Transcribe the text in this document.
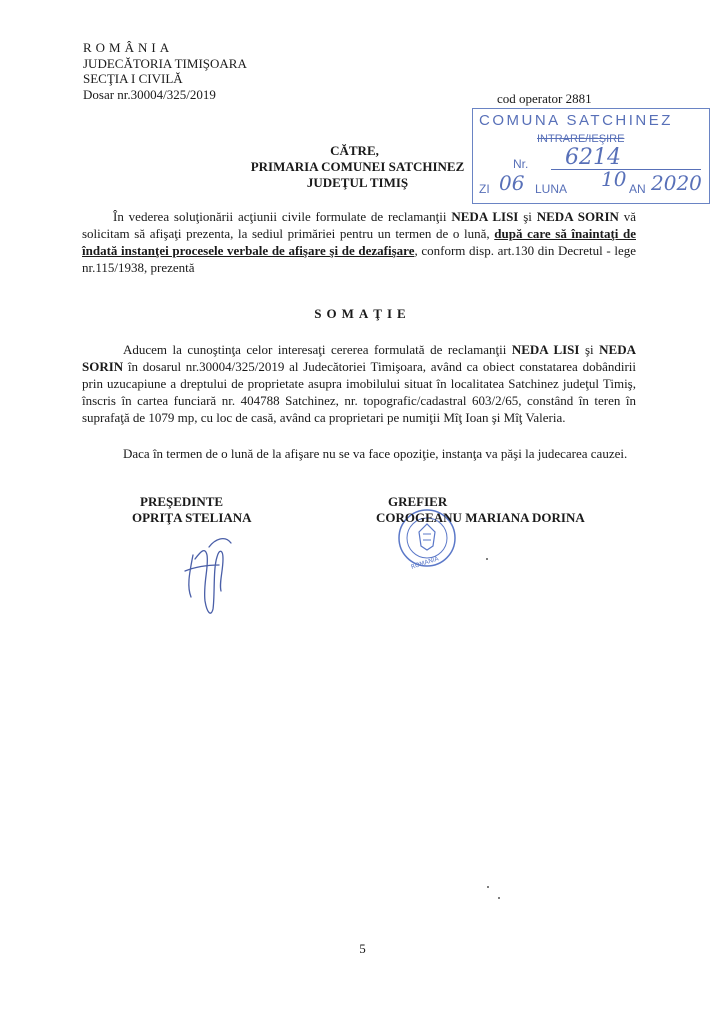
ROMÂNIA
JUDECĂTORIA TIMIŞOARA
SECŢIA I CIVILĂ
Dosar nr.30004/325/2019	cod operator 2881
COMUNA SATCHINEZ
INTRARE/IEŞIRE
Nr. 6214
ZI 06 LUNA 10 AN 2020
CĂTRE,
PRIMARIA COMUNEI SATCHINEZ
JUDEŢUL TIMIŞ
În vederea soluţionării acţiunii civile formulate de reclamanţii NEDA LISI şi NEDA SORIN vă solicitam să afişaţi prezenta, la sediul primăriei pentru un termen de o lună, după care să înaintaţi de îndată instanţei procesele verbale de afişare şi de dezafişare, conform disp. art.130 din Decretul - lege nr.115/1938, prezentă
SOMAŢIE
Aducem la cunoştinţa celor interesaţi cererea formulată de reclamanţii NEDA LISI şi NEDA SORIN în dosarul nr.30004/325/2019 al Judecătoriei Timişoara, având ca obiect constatarea dobândirii prin uzucapiune a dreptului de proprietate asupra imobilului situat în localitatea Satchinez judeţul Timiş, înscris în cartea funciară nr. 404788 Satchinez, nr. topografic/cadastral 603/2/65, constând în teren în suprafaţă de 1079 mp, cu loc de casă, având ca proprietari pe numiţii Mîţ Ioan şi Mîţ Valeria.
Daca în termen de o lună de la afişare nu se va face opoziţie, instanţa va păşi la judecarea cauzei.
ROMANIA
PREŞEDINTE
OPRIŢA STELIANA
GREFIER
COROGEANU MARIANA DORINA
5
